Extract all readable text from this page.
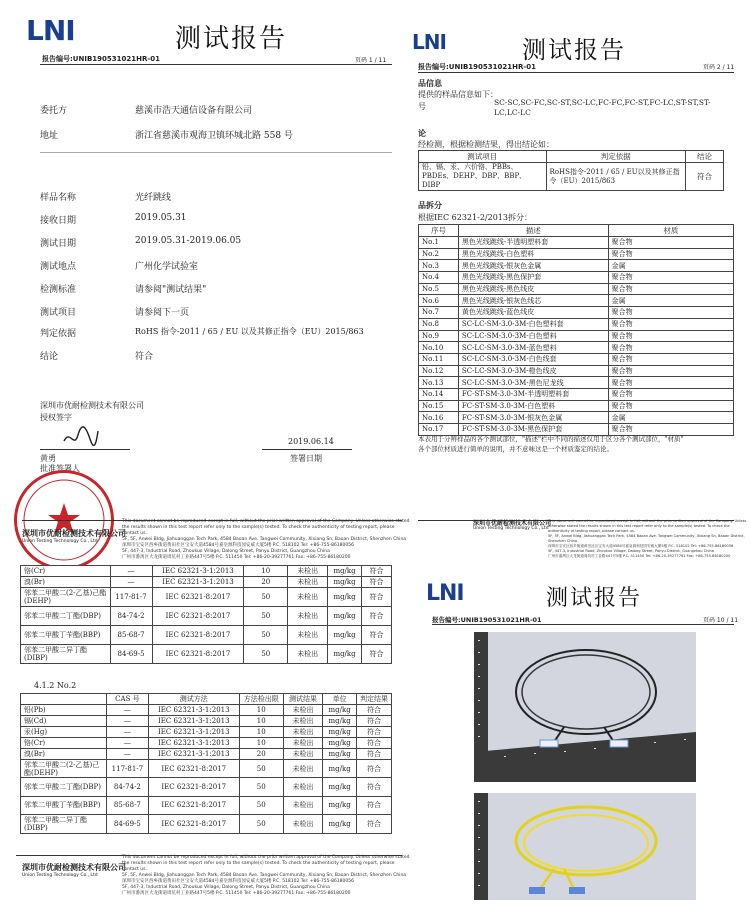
LNI	测试报告
报告编号:UNIB190531021HR-01	页码 1 / 11
委托方	慈溪市浩天通信设备有限公司
地址	浙江省慈溪市观海卫镇环城北路 558 号
样品名称	光纤跳线
接收日期	2019.05.31
测试日期	2019.05.31-2019.06.05
测试地点	广州化学试验室
检测标准	请参阅"测试结果"
测试项目	请参阅下一页
判定依据	RoHS 指令-2011 / 65 / EU 以及其修正指令（EU）2015/863
结论	符合
深圳市优耐检测技术有限公司
授权签字
2019.06.14
黄勇
批准签署人
签署日期
深圳市优耐检测技术有限公司
Union Testing Technology Co., Ltd
This document cannot be reproduced except in full, without the prior written approval of the Company. Unless otherwise stated the results shown in this test report refer only to the sample(s) tested. To check the authenticity of testing report, please contact us.
5F, 5F, Anwei Bldg, Jiahuanggan Tech Park, 4584 Baoan Ave. Tangwei Community, Xixiang Sn, Baoan District, Shenzhen China
深圳市宝安区西乡街道黄田社区宝安大道4584号嘉皇源科技园安威大厦5楼 P.C. 518102 Tel: +86-755-86180056
5F, 447-3, Industrial Road, Zhoukuo Village, Dalong Street, Panyu District, Guangzhou China
广州市番禺区大龙街道周坑村工业路447号5楼 P.C. 511450 Tel: +86-20-39277761 Fax: +86-755-86180200
LNI	测试报告
报告编号:UNIB190531021HR-01	页码 2 / 11
品信息
提供的样品信息如下：
号	SC-SC,SC-FC,SC-ST,SC-LC,FC-FC,FC-ST,FC-LC,ST-ST,ST-LC,LC-LC
论
经检测，根据检测结果，得出结论如：
测试项目	判定依据	结论
铅、镉、汞、六价铬、PBBs、PBDEs、DEHP、DBP、BBP、DIBP	RoHS指令-2011 / 65 / EU以及其修正指令（EU）2015/863	符合
品拆分
根据IEC 62321-2/2013拆分：
序号	描述	材质
No.1	黑色光线跳线-半透明塑料套	聚合物
No.2	黑色光线跳线-白色塑料	聚合物
No.3	黑色光线跳线-银灰色金属	金属
No.4	黑色光线跳线-黑色保护套	聚合物
No.5	黑色光线跳线-黑色线皮	聚合物
No.6	黑色光线跳线-银灰色线芯	金属
No.7	黄色光线跳线-蓝色线皮	聚合物
No.8	SC-LC-SM-3.0-3M-白色塑料套	聚合物
No.9	SC-LC-SM-3.0-3M-白色塑料	聚合物
No.10	SC-LC-SM-3.0-3M-蓝色塑料	聚合物
No.11	SC-LC-SM-3.0-3M-白色线套	聚合物
No.12	SC-LC-SM-3.0-3M-橙色线皮	聚合物
No.13	SC-LC-SM-3.0-3M-黑色尼龙线	聚合物
No.14	FC-ST-SM-3.0-3M-半透明塑料套	聚合物
No.15	FC-ST-SM-3.0-3M-白色塑料	聚合物
No.16	FC-ST-SM-3.0-3M-银灰色金属	金属
No.17	FC-ST-SM-3.0-3M-黑色保护套	聚合物
本表用于分辨样品的各个测试部位，"描述"栏中不同的描述仅用于区分各个测试部位，"材质"
各个部位材质进行简单的说明，并不意味这是一个材质鉴定的结论。
深圳市优耐检测技术有限公司
Union Testing Technology Co., Ltd
This document cannot be reproduced except in full, without the prior written approval of the Company. Unless otherwise stated the results shown in this test report refer only to the sample(s) tested. To check the authenticity of testing report, please contact us.
5F, 5F, Anwei Bldg, Jiahuanggan Tech Park, 4584 Baoan Ave. Tangwei Community, Xixiang Sn, Baoan District, Shenzhen China
深圳市宝安区西乡街道黄田社区宝安大道4584号嘉皇源科技园安威大厦5楼 P.C. 518102 Tel: +86-755-86180056
5F, 447-3, Industrial Road, Zhoukuo Village, Dalong Street, Panyu District, Guangzhou China
广州市番禺区大龙街道周坑村工业路447号5楼 P.C. 511450 Tel: +86-20-39277761 Fax: +86-755-86180200
铬(Cr)	—	IEC 62321-3-1:2013	10	未检出	mg/kg	符合
溴(Br)	—	IEC 62321-3-1:2013	20	未检出	mg/kg	符合
邻苯二甲酸二(2-乙基)己酯(DEHP)	117-81-7	IEC 62321-8:2017	50	未检出	mg/kg	符合
邻苯二甲酸二丁酯(DBP)	84-74-2	IEC 62321-8:2017	50	未检出	mg/kg	符合
邻苯二甲酸丁苄酯(BBP)	85-68-7	IEC 62321-8:2017	50	未检出	mg/kg	符合
邻苯二甲酸二异丁酯(DIBP)	84-69-5	IEC 62321-8:2017	50	未检出	mg/kg	符合
4.1.2 No.2
	CAS 号	测试方法	方法检出限	测试结果	单位	判定结果
铅(Pb)	—	IEC 62321-3-1:2013	10	未检出	mg/kg	符合
镉(Cd)	—	IEC 62321-3-1:2013	10	未检出	mg/kg	符合
汞(Hg)	—	IEC 62321-3-1:2013	10	未检出	mg/kg	符合
铬(Cr)	—	IEC 62321-3-1:2013	10	未检出	mg/kg	符合
溴(Br)	—	IEC 62321-3-1:2013	20	未检出	mg/kg	符合
邻苯二甲酸二(2-乙基)己酯(DEHP)	117-81-7	IEC 62321-8:2017	50	未检出	mg/kg	符合
邻苯二甲酸二丁酯(DBP)	84-74-2	IEC 62321-8:2017	50	未检出	mg/kg	符合
邻苯二甲酸丁苄酯(BBP)	85-68-7	IEC 62321-8:2017	50	未检出	mg/kg	符合
邻苯二甲酸二异丁酯(DIBP)	84-69-5	IEC 62321-8:2017	50	未检出	mg/kg	符合
深圳市优耐检测技术有限公司
Union Testing Technology Co., Ltd
This document cannot be reproduced except in full, without the prior written approval of the Company. Unless otherwise stated the results shown in this test report refer only to the sample(s) tested. To check the authenticity of testing report, please contact us.
5F, 5F, Anwei Bldg, Jiahuanggan Tech Park, 4584 Baoan Ave. Tangwei Community, Xixiang Sn, Baoan District, Shenzhen China
深圳市宝安区西乡街道黄田社区宝安大道4584号嘉皇源科技园安威大厦5楼 P.C. 518102 Tel: +86-755-86180056
5F, 447-3, Industrial Road, Zhoukuo Village, Dalong Street, Panyu District, Guangzhou China
广州市番禺区大龙街道周坑村工业路447号5楼 P.C. 511450 Tel: +86-20-39277761 Fax: +86-755-86180200
LNI	测试报告
报告编号:UNIB190531021HR-01	页码 10 / 11
